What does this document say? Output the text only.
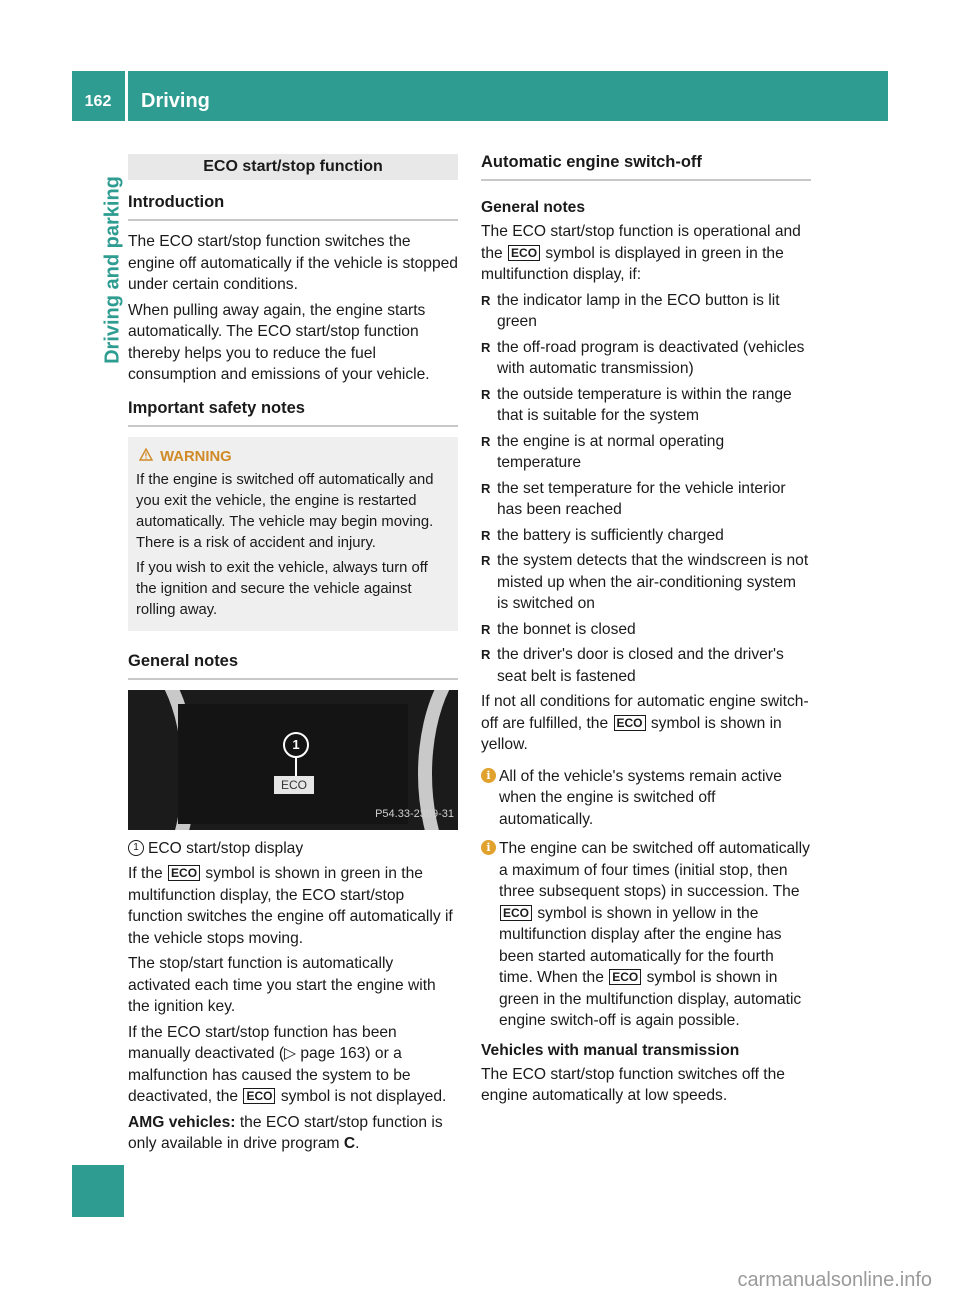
162	Driving
Driving and parking
ECO start/stop function
Introduction

The ECO start/stop function switches the engine off automatically if the vehicle is stopped under certain conditions.

When pulling away again, the engine starts automatically. The ECO start/stop function thereby helps you to reduce the fuel consumption and emissions of your vehicle.

Important safety notes
WARNING

If the engine is switched off automatically and you exit the vehicle, the engine is restarted automatically. The vehicle may begin moving. There is a risk of accident and injury.

If you wish to exit the vehicle, always turn off the ignition and secure the vehicle against rolling away.

General notes
1
ECO
P54.33-2309-31

1 ECO start/stop display

If the ECO symbol is shown in green in the multifunction display, the ECO start/stop function switches the engine off automatically if the vehicle stops moving.

The stop/start function is automatically activated each time you start the engine with the ignition key.

If the ECO start/stop function has been manually deactivated (▷ page 163) or a malfunction has caused the system to be deactivated, the ECO symbol is not displayed.

AMG vehicles: the ECO start/stop function is only available in drive program C.

Automatic engine switch-off
General notes

The ECO start/stop function is operational and the ECO symbol is displayed in green in the multifunction display, if:

R the indicator lamp in the ECO button is lit green
R the off-road program is deactivated (vehicles with automatic transmission)
R the outside temperature is within the range that is suitable for the system
R the engine is at normal operating temperature
R the set temperature for the vehicle interior has been reached
R the battery is sufficiently charged
R the system detects that the windscreen is not misted up when the air-conditioning system is switched on
R the bonnet is closed
R the driver's door is closed and the driver's seat belt is fastened

If not all conditions for automatic engine switch-off are fulfilled, the ECO symbol is shown in yellow.

i All of the vehicle's systems remain active when the engine is switched off automatically.

i The engine can be switched off automatically a maximum of four times (initial stop, then three subsequent stops) in succession. The ECO symbol is shown in yellow in the multifunction display after the engine has been started automatically for the fourth time. When the ECO symbol is shown in green in the multifunction display, automatic engine switch-off is again possible.

Vehicles with manual transmission

The ECO start/stop function switches off the engine automatically at low speeds.

carmanualsonline.info
